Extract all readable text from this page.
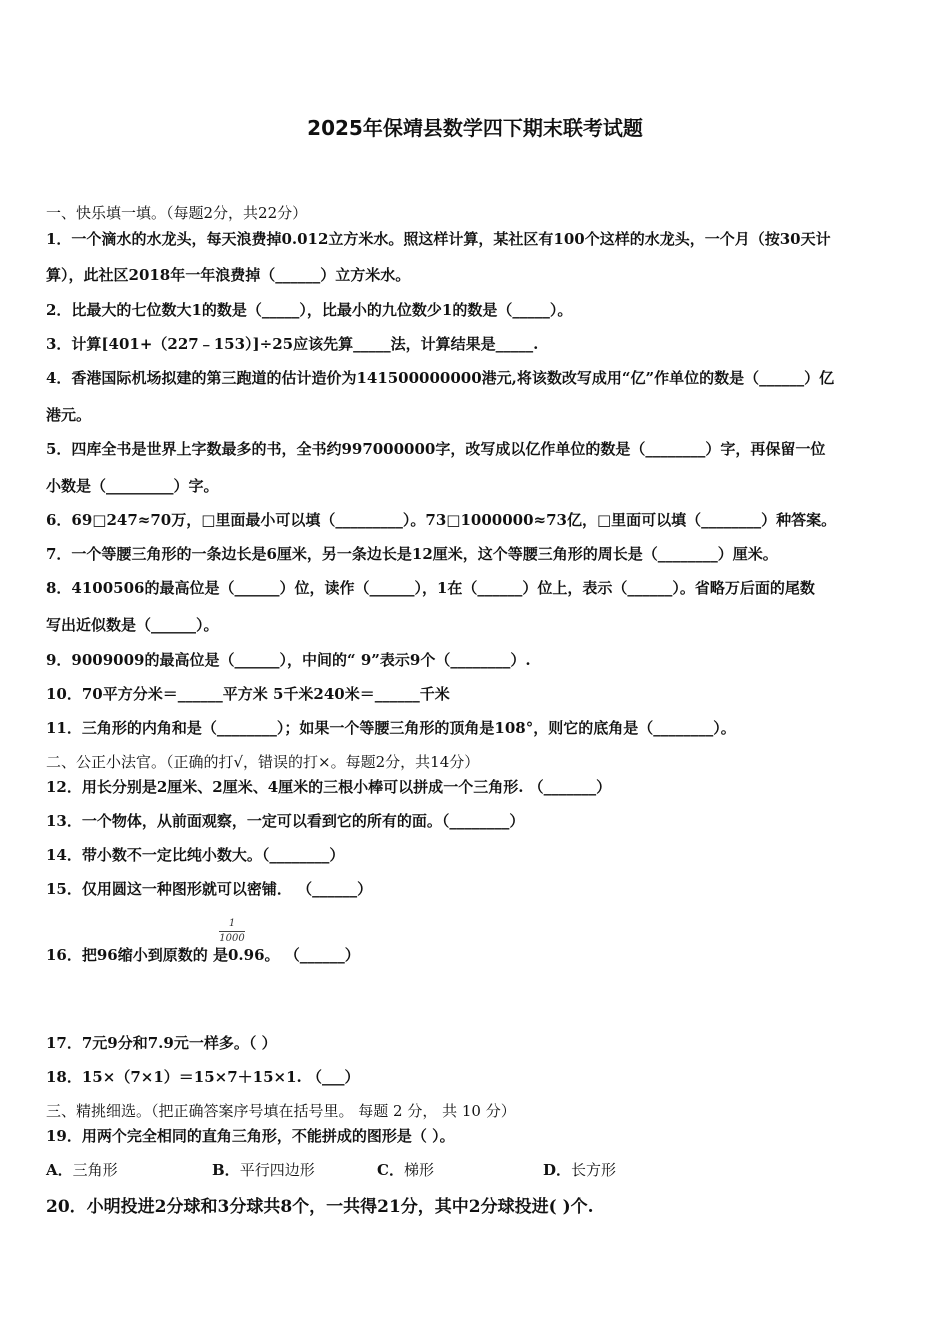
2025年保靖县数学四下期末联考试题
一、快乐填一填。（每题2分，共22分）
1．一个滴水的水龙头，每天浪费掉0.012立方米水。照这样计算，某社区有100个这样的水龙头，一个月（按30天计
算），此社区2018年一年浪费掉（______）立方米水。
2．比最大的七位数大1的数是（_____），比最小的九位数少1的数是（_____）。
3．计算[401+（227﹣153）]÷25应该先算_____法，计算结果是_____.
4．香港国际机场拟建的第三跑道的估计造价为141500000000港元,将该数改写成用“亿”作单位的数是（______）亿
港元。
5．四库全书是世界上字数最多的书，全书约997000000字，改写成以亿作单位的数是（________）字，再保留一位
小数是（_________）字。
6．69□247≈70万，□里面最小可以填（_________）。73□1000000≈73亿，□里面可以填（________）种答案。
7．一个等腰三角形的一条边长是6厘米，另一条边长是12厘米，这个等腰三角形的周长是（________）厘米。
8．4100506的最高位是（______）位，读作（______），1在（______）位上，表示（______）。省略万后面的尾数
写出近似数是（______）。
9．9009009的最高位是（______），中间的“ 9”表示9个（________）.
10．70平方分米＝______平方米 5千米240米＝______千米
11．三角形的内角和是（________）；如果一个等腰三角形的顶角是108°，则它的底角是（________）。
二、公正小法官。（正确的打√，错误的打×。每题2分，共14分）
12．用长分别是2厘米、2厘米、4厘米的三根小棒可以拼成一个三角形. （_______）
13．一个物体，从前面观察，一定可以看到它的所有的面。（________）
14．带小数不一定比纯小数大。（________）
15．仅用圆这一种图形就可以密铺． （______）
16．把96缩小到原数的 是0.96。 （______）
1
1000
17．7元9分和7.9元一样多。（ ）
18．15×（7×1）＝15×7＋15×1. （___）
三、精挑细选。（把正确答案序号填在括号里。 每题 2 分， 共 10 分）
19．用两个完全相同的直角三角形，不能拼成的图形是（ ）。
A．三角形	B．平行四边形	C．梯形	D．长方形
20．小明投进2分球和3分球共8个，一共得21分，其中2分球投进( )个.
